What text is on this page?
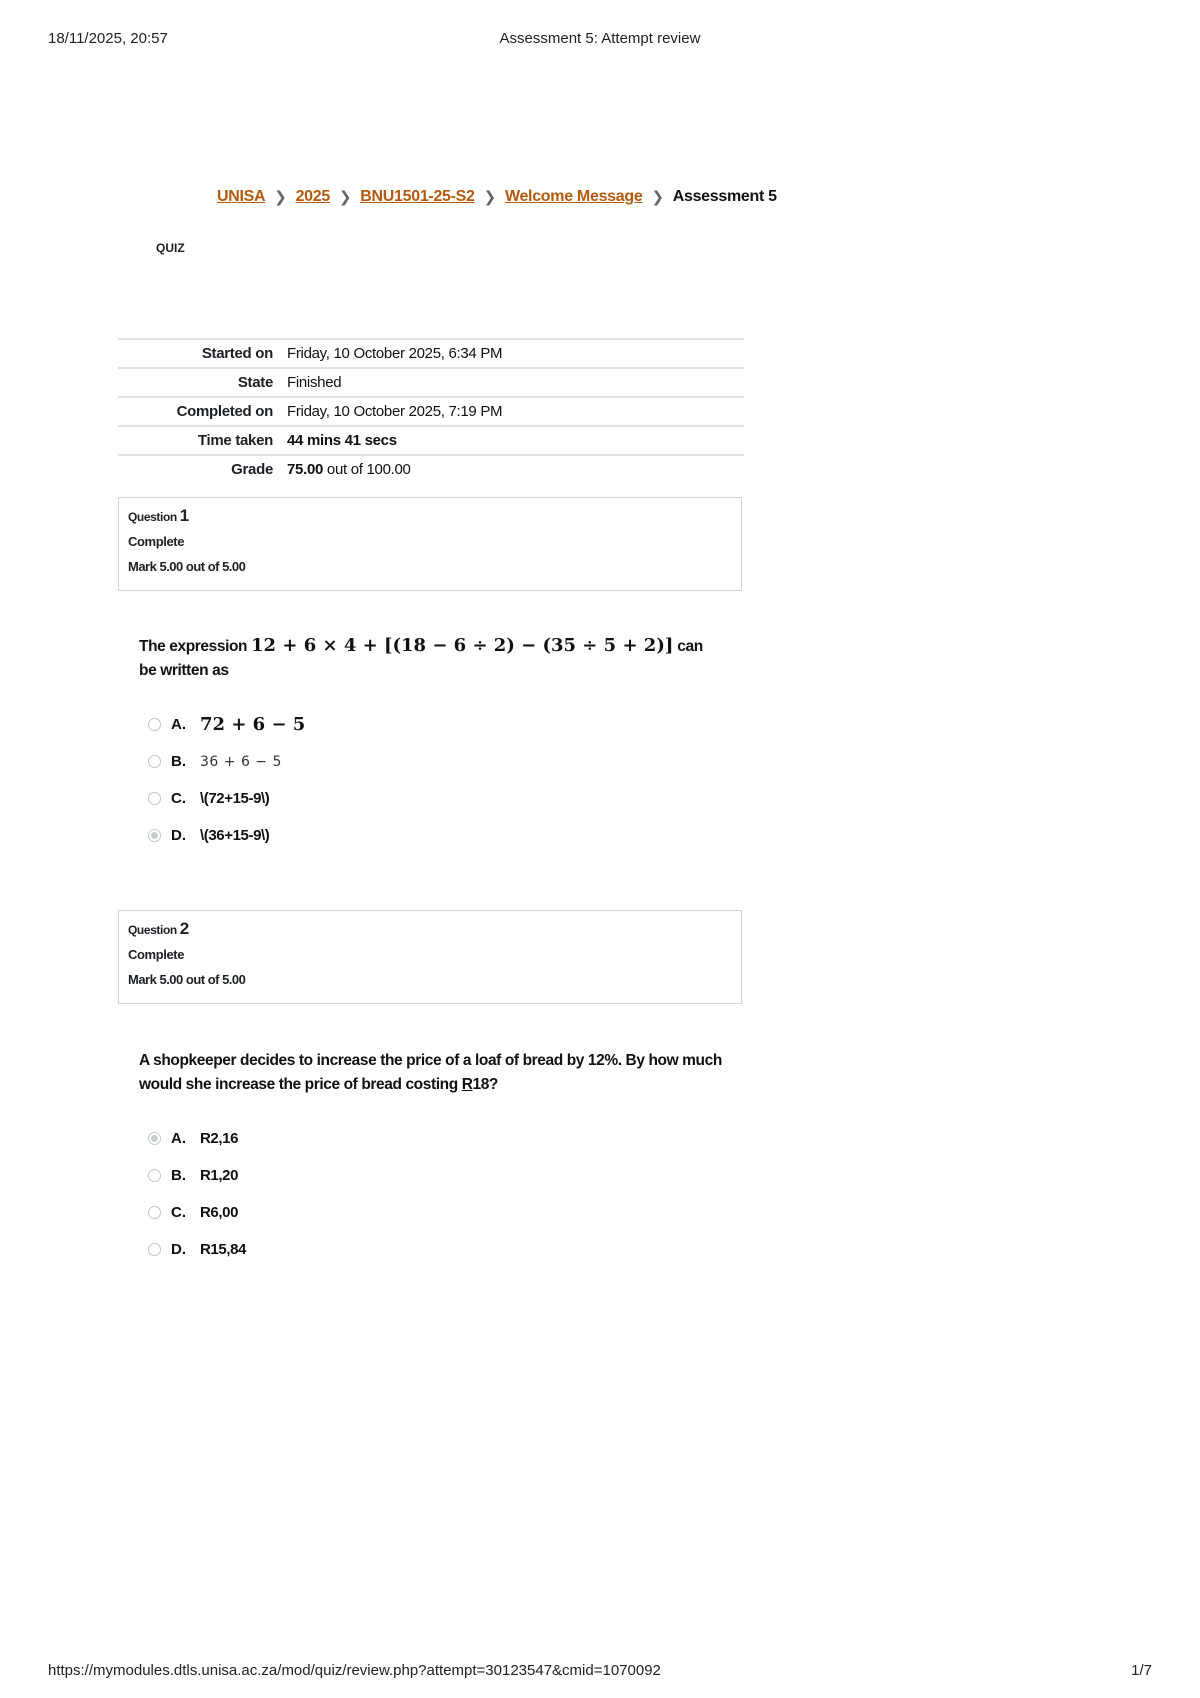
18/11/2025, 20:57	Assessment 5: Attempt review
UNISA ❯ 2025 ❯ BNU1501-25-S2 ❯ Welcome Message ❯ Assessment 5
QUIZ
Started on	Friday, 10 October 2025, 6:34 PM
State	Finished
Completed on	Friday, 10 October 2025, 7:19 PM
Time taken	44 mins 41 secs
Grade	75.00 out of 100.00
Question 1
Complete
Mark 5.00 out of 5.00
The expression 12 + 6 × 4 + [(18 − 6 ÷ 2) − (35 ÷ 5 + 2)] can be written as
A. 72 + 6 − 5
B.	36 + 6 − 5
C. \(72+15-9\)
D. \(36+15-9\)
Question 2
Complete
Mark 5.00 out of 5.00
A shopkeeper decides to increase the price of a loaf of bread by 12%. By how much would she increase the price of bread costing R18?
A. R2,16
B. R1,20
C. R6,00
D. R15,84
https://mymodules.dtls.unisa.ac.za/mod/quiz/review.php?attempt=30123547&cmid=1070092	1/7
